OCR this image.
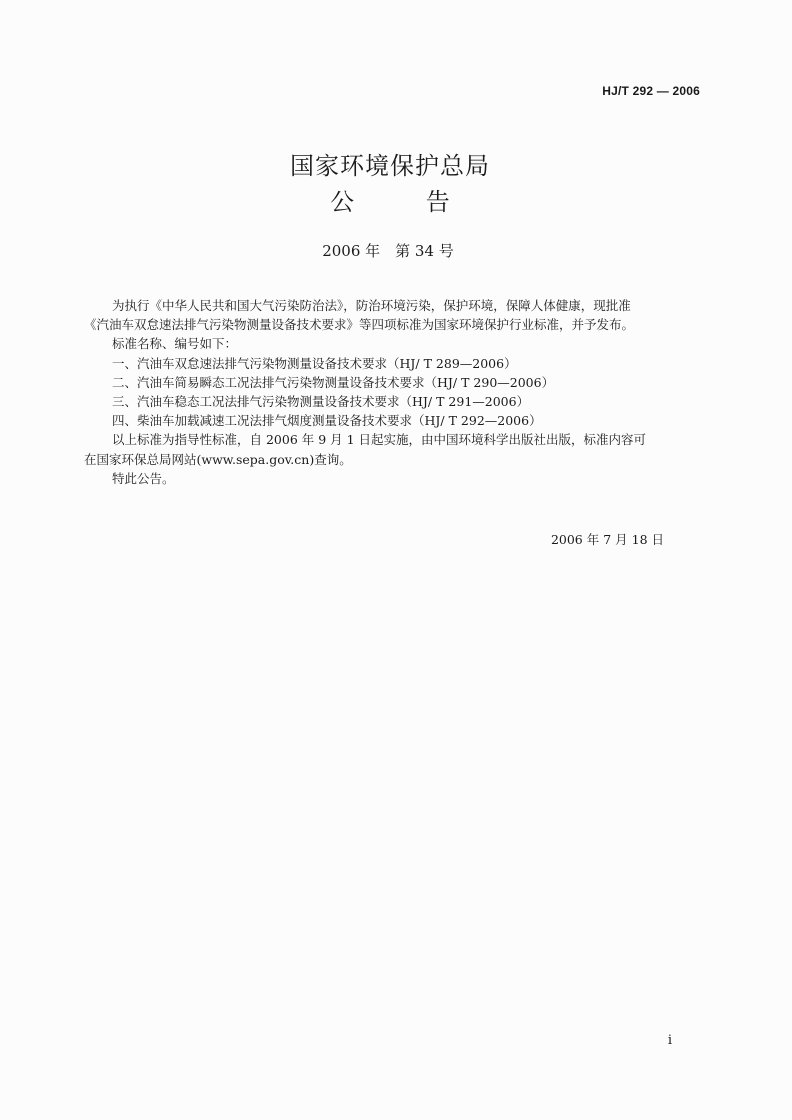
HJ/T 292 — 2006
国家环境保护总局
公 告
2006 年　第 34 号

为执行《中华人民共和国大气污染防治法》，防治环境污染，保护环境，保障人体健康，现批准

《汽油车双怠速法排气污染物测量设备技术要求》等四项标准为国家环境保护行业标准，并予发布。

标准名称、编号如下：

一、汽油车双怠速法排气污染物测量设备技术要求（HJ/ T 289—2006）

二、汽油车简易瞬态工况法排气污染物测量设备技术要求（HJ/ T 290—2006）

三、汽油车稳态工况法排气污染物测量设备技术要求（HJ/ T 291—2006）

四、柴油车加载减速工况法排气烟度测量设备技术要求（HJ/ T 292—2006）

以上标准为指导性标准，自 2006 年 9 月 1 日起实施，由中国环境科学出版社出版，标准内容可

在国家环保总局网站(www.sepa.gov.cn)查询。

特此公告。

2006 年 7 月 18 日
i
